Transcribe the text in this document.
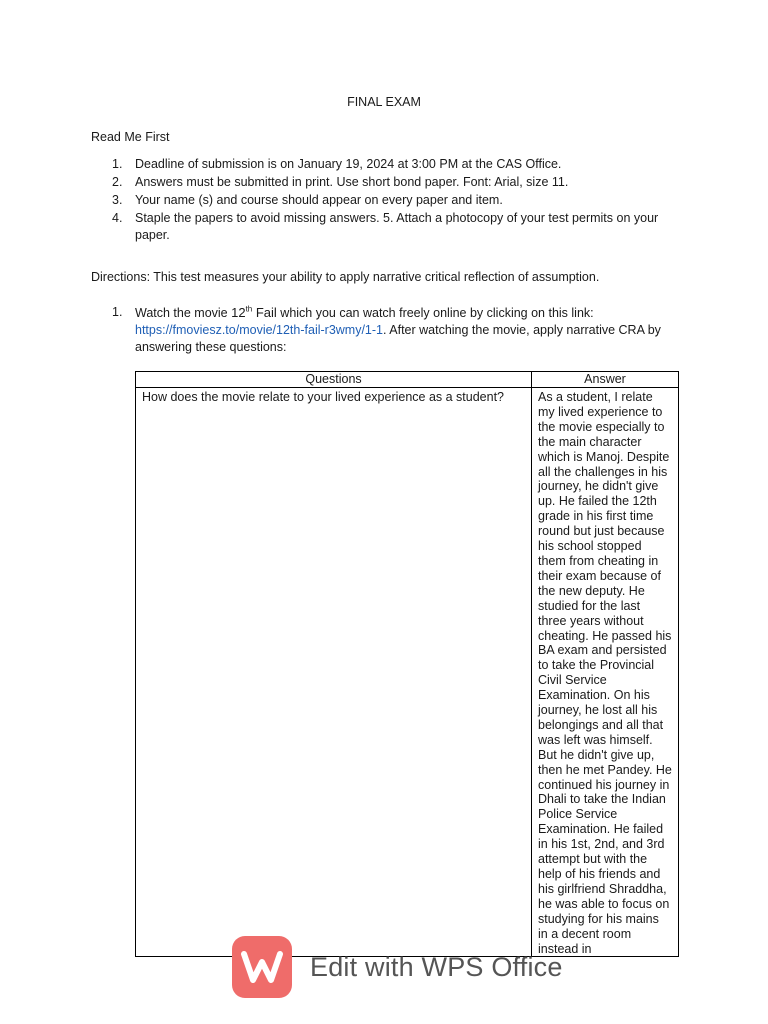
FINAL EXAM
Read Me First
1. Deadline of submission is on January 19, 2024 at 3:00 PM at the CAS Office.
2. Answers must be submitted in print. Use short bond paper. Font: Arial, size 11.
3. Your name (s) and course should appear on every paper and item.
4. Staple the papers to avoid missing answers. 5. Attach a photocopy of your test permits on your paper.
Directions: This test measures your ability to apply narrative critical reflection of assumption.
1.	Watch the movie 12th Fail which you can watch freely online by clicking on this link: https://fmoviesz.to/movie/12th-fail-r3wmy/1-1. After watching the movie, apply narrative CRA by answering these questions:
Questions	Answer
How does the movie relate to your lived experience as a student?	As a student, I relate my lived experience to the movie especially to the main character which is Manoj. Despite all the challenges in his journey, he didn't give up. He failed the 12th grade in his first time round but just because his school stopped them from cheating in their exam because of the new deputy. He studied for the last three years without cheating. He passed his BA exam and persisted to take the Provincial Civil Service Examination. On his journey, he lost all his belongings and all that was left was himself. But he didn't give up, then he met Pandey. He continued his journey in Dhali to take the Indian Police Service Examination. He failed in his 1st, 2nd, and 3rd attempt but with the help of his friends and his girlfriend Shraddha, he was able to focus on studying for his mains in a decent room instead in
Edit with WPS Office
